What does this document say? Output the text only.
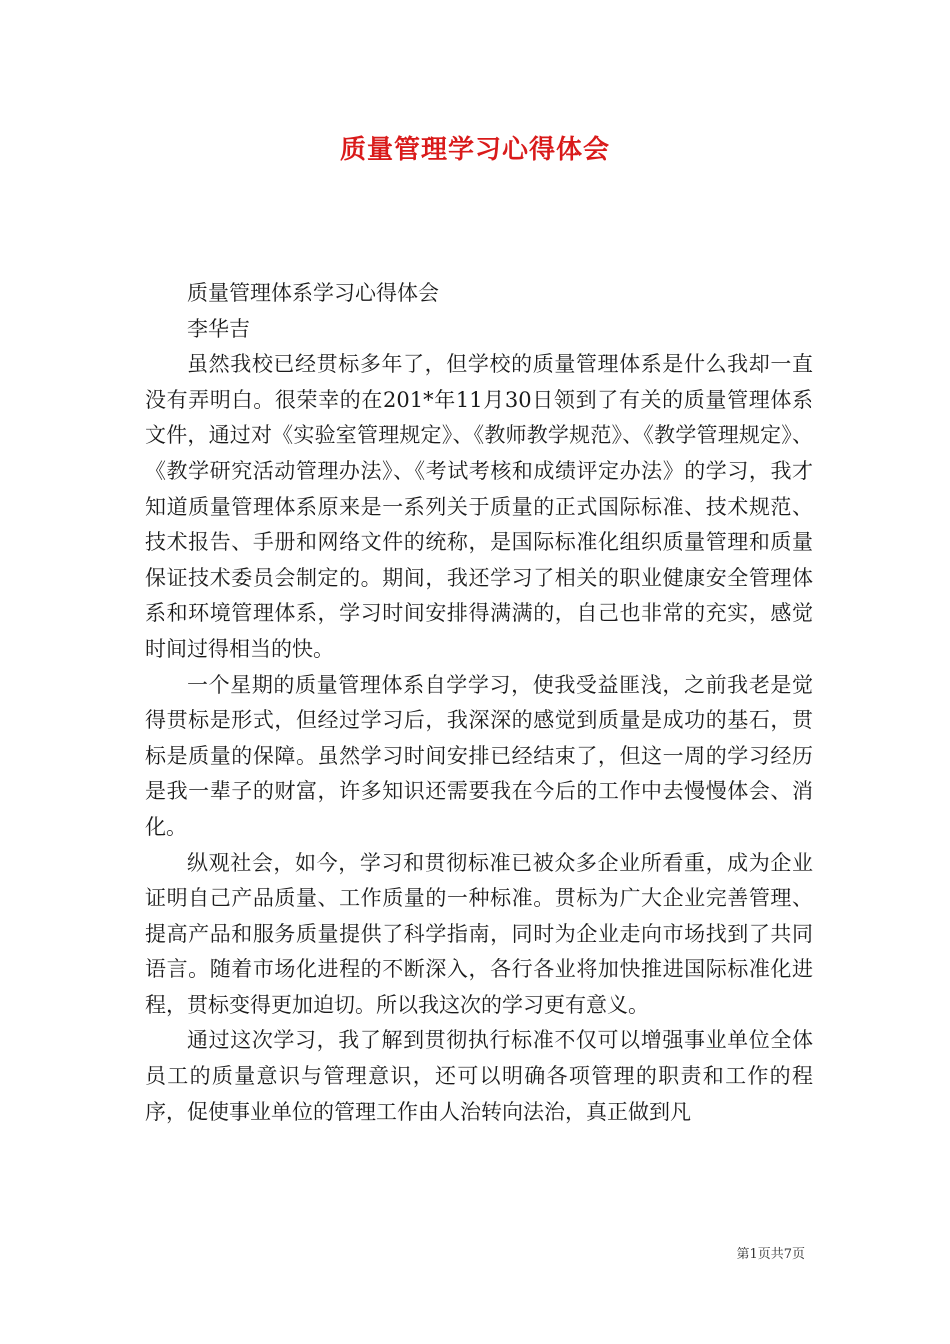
质量管理学习心得体会

质量管理体系学习心得体会

李华吉

虽然我校已经贯标多年了，但学校的质量管理体系是什么我却一直没有弄明白。很荣幸的在201*年11月30日领到了有关的质量管理体系文件，通过对《实验室管理规定》、《教师教学规范》、《教学管理规定》、《教学研究活动管理办法》、《考试考核和成绩评定办法》的学习，我才知道质量管理体系原来是一系列关于质量的正式国际标准、技术规范、技术报告、手册和网络文件的统称，是国际标准化组织质量管理和质量保证技术委员会制定的。期间，我还学习了相关的职业健康安全管理体系和环境管理体系，学习时间安排得满满的，自己也非常的充实，感觉时间过得相当的快。

一个星期的质量管理体系自学学习，使我受益匪浅，之前我老是觉得贯标是形式，但经过学习后，我深深的感觉到质量是成功的基石，贯标是质量的保障。虽然学习时间安排已经结束了，但这一周的学习经历是我一辈子的财富，许多知识还需要我在今后的工作中去慢慢体会、消化。

纵观社会，如今，学习和贯彻标准已被众多企业所看重，成为企业证明自己产品质量、工作质量的一种标准。贯标为广大企业完善管理、提高产品和服务质量提供了科学指南，同时为企业走向市场找到了共同语言。随着市场化进程的不断深入，各行各业将加快推进国际标准化进程，贯标变得更加迫切。所以我这次的学习更有意义。

通过这次学习，我了解到贯彻执行标准不仅可以增强事业单位全体员工的质量意识与管理意识，还可以明确各项管理的职责和工作的程序，促使事业单位的管理工作由人治转向法治，真正做到凡

第1页共7页
